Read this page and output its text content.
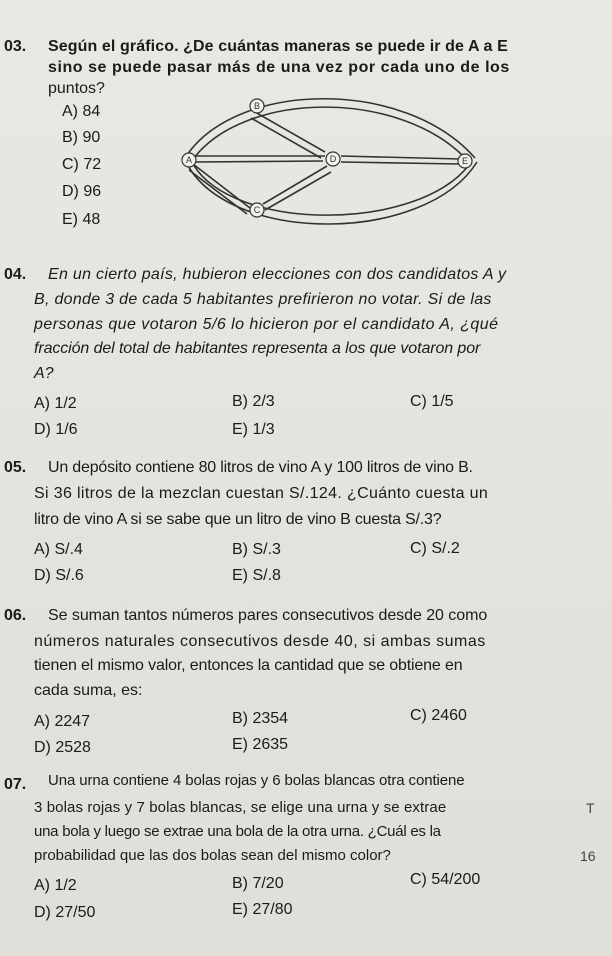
03. Según el gráfico. ¿De cuántas maneras se puede ir de A a E
sino se puede pasar más de una vez por cada uno de los
puntos?
A) 84
B) 90
C) 72
D) 96
E) 48
A
B
C
D	E
04. En un cierto país, hubieron elecciones con dos candidatos A y
B, donde 3 de cada 5 habitantes prefirieron no votar. Si de las
personas que votaron 5/6 lo hicieron por el candidato A, ¿qué
fracción del total de habitantes representa a los que votaron por
A?
A) 1/2	B) 2/3	C) 1/5
D) 1/6	E) 1/3
05. Un depósito contiene 80 litros de vino A y 100 litros de vino B.
Si 36 litros de la mezclan cuestan S/.124. ¿Cuánto cuesta un
litro de vino A si se sabe que un litro de vino B cuesta S/.3?
A) S/.4	B) S/.3	C) S/.2
D) S/.6	E) S/.8
06. Se suman tantos números pares consecutivos desde 20 como
números naturales consecutivos desde 40, si ambas sumas
tienen el mismo valor, entonces la cantidad que se obtiene en
cada suma, es:
A) 2247	B) 2354	C) 2460
D) 2528	E) 2635
07. Una urna contiene 4 bolas rojas y 6 bolas blancas otra contiene
3 bolas rojas y 7 bolas blancas, se elige una urna y se extrae
una bola y luego se extrae una bola de la otra urna. ¿Cuál es la
probabilidad que las dos bolas sean del mismo color?
A) 1/2	B) 7/20	C) 54/200
D) 27/50	E) 27/80
T
16
